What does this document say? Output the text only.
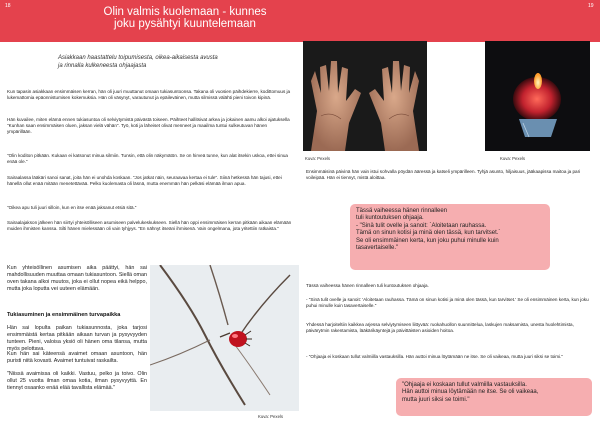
18	19
Olin valmis kuolemaan - kunnes
joku pysähtyi kuuntelemaan
Asiakkaan haastattelu toipumisesta, oikea-aikaisesta avusta
ja rinnalla kulkeneesta ohjaajasta

Kun tapasin asiakkaan ensimmäisen kerran, hän oli juuri muuttanut omaan tukiasuntoonsa. Takana oli vuosien päihdekierre, kodittomuus ja lukemattomia epäonnistumisen kokemuksia. Hän oli väsynyt, varautunut ja epäileväinen, mutta silmissä välähti pieni toivon kipinä.

Hän kuvailee, miten elämä ennen tukiasuntoa oli selviytymistä päivästä toiseen. Päihteet hallitsivat arkea ja jokainen aamu alkoi ajatuksella "Kunhan saan ensimmäisen oluen, jaksan vielä vähän". Työ, koti ja läheiset olivat menneet ja maailma tuntui sulkeutuvan hänen ympärillään.

"Olin koditon pitkään. Kukaan ei katsonut minua silmiin. Tunsin, että olin näkymätön. Se on hirveä tunne, kun alat itsekin uskoa, ettei sinua enää ole."

Sairaalassa lääkäri sanoi sanat, joita hän ei unohda koskaan. "Jos jatkat näin, seuraavaa kertaa ei tule". Siinä hetkessä hän tajusi, ettei hänellä ollut enää mitään menetettävää. Pelko kuolemasta oli läsnä, mutta enemmän hän pelkäsi elämää ilman apua.

"Oikea apu tuli juuri silloin, kun en itse enää jaksanut etsiä sitä."

Sairaalajakson jälkeen hän siirtyi yhteisölliseen asumiseen palvelukeskukseen. Siellä hän oppi ensimmäisen kerran pitkään aikaan elämään muiden ihmisten kanssa. Silti hänen mielessään oli vain tyhjyys. "En nähnyt itseäni ihmisenä. Vain ongelmana, jota yritettiin ratkaista."

Kun yhteisöllinen asumisen aika päättyi, hän sai mahdollisuuden muuttaa omaan tukiasuntoon. Siellä oman oven takana alkoi muutos, joka ei ollut nopea eikä helppo, mutta joka loputta vei uuteen elämään.

Tukiasuminen ja ensimmäinen turvapaikka

Hän sai lopulta paikan tukiasunnosta, joka tarjosi ensimmäistä kertaa pitkään aikaan turvan ja pysyvyyden tunteen. Pieni, valoisa yksiö oli hänen oma tilansa, mutta myös pelottava.

Kun hän sai käteensä avaimet omaan asuntoon, hän puristi niitä kovasti. Avaimet tuntuivat raskailta.

"Niissä avaimissa oli kaikki. Vastuu, pelko ja toivo. Olin ollut 25 vuotta ilman omaa kotia, ilman pysyvyyttä. En tiennyt osaanko enää elää tavallista elämää."

Kuva: Pexels	Kuva: Pexels
Kuva: Pexels

Ensimmäisinä päivinä hän vain istui sohvalla pöydän ääressä ja katseli ympärilleen. Tyhjä asunto, hiljaisuus, jääkaapissa maitoa ja pari voileipää. Hän ei tiennyt, mistä aloittaa.

Tässä vaiheessa hänen rinnalleen

tuli kuntoutuksen ohjaaja.

- "Sinä tulit ovelle ja sanoit: ´Aloitetaan rauhassa.

Tämä on sinun kotisi ja minä olen tässä, kun tarvitset.´

Se oli ensimmäinen kerta, kun joku puhui minulle kuin

tasavertaiselle."

Tässä vaiheessa hänen rinnalleen tuli kuntoutuksen ohjaaja.

- "Sinä tulit ovelle ja sanoit: 'Aloitetaan rauhassa. Tämä on sinun kotisi ja minä olen tässä, kun tarvitset.' Se oli ensimmäinen kerta, kun joku puhui minulle kuin tasavertaiselle."

Yhdessä harjoiteltiin kaikkea arjessa selviytymiseen liittyvää: ruokahuollon suunnittelua, laskujen maksamista, unesta huolehtimista, päivärytmin rakentamista, lääkärikäyntejä ja päivittäisten asioiden hoitoa.

- "Ohjaaja ei koskaan tullut valmiilla vastauksilla. Hän auttoi minua löytämään ne itse. Se oli vaikeaa, mutta juuri siksi se toimi."

"Ohjaaja ei koskaan tullut valmiilla vastauksilla.

Hän auttoi minua löytämään ne itse. Se oli vaikeaa,

mutta juuri siksi se toimi."
